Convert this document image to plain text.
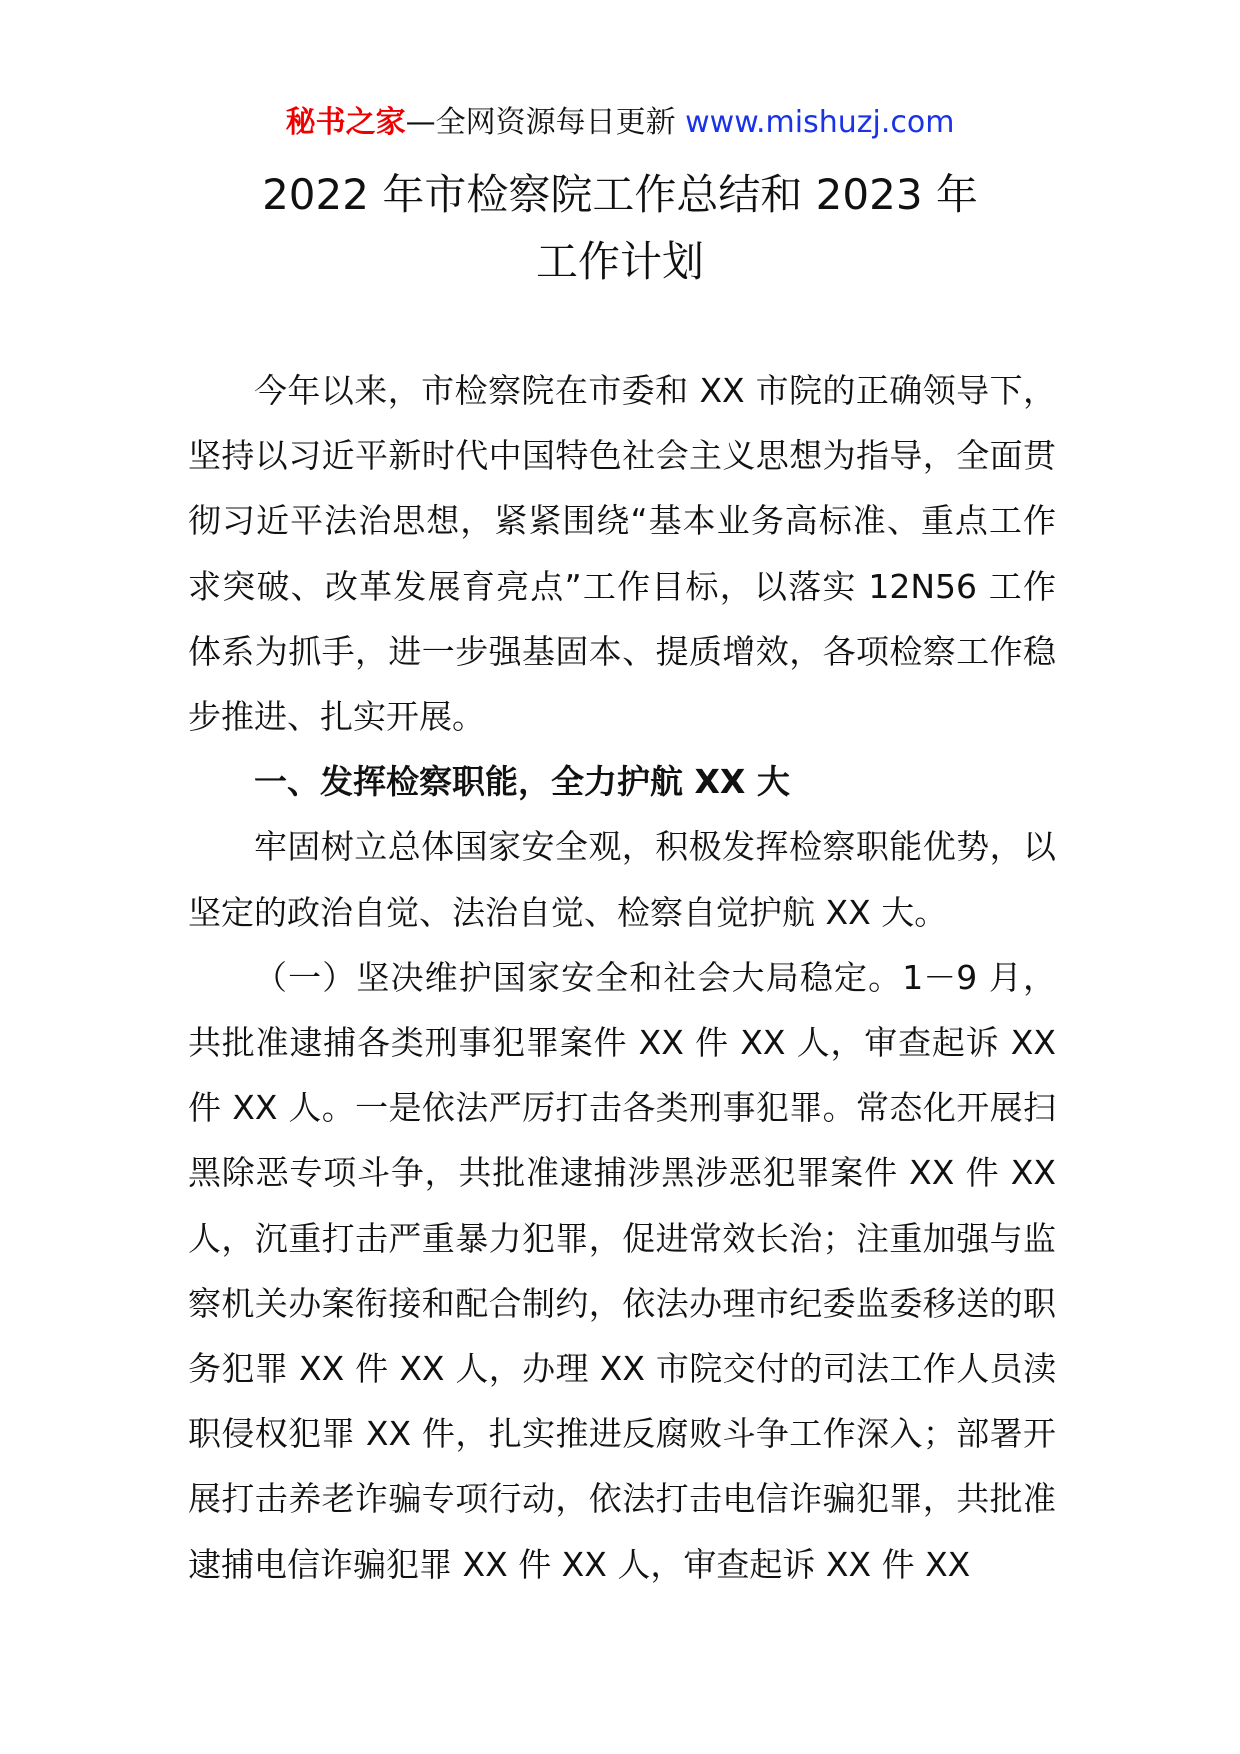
秘书之家—全网资源每日更新 www.mishuzj.com
2022 年市检察院工作总结和 2023 年
工作计划

今年以来，市检察院在市委和 XX 市院的正确领导下，坚持以习近平新时代中国特色社会主义思想为指导，全面贯彻习近平法治思想，紧紧围绕“基本业务高标准、重点工作求突破、改革发展育亮点”工作目标，以落实 12N56 工作体系为抓手，进一步强基固本、提质增效，各项检察工作稳步推进、扎实开展。

一、发挥检察职能，全力护航 XX 大

牢固树立总体国家安全观，积极发挥检察职能优势，以坚定的政治自觉、法治自觉、检察自觉护航 XX 大。

（一）坚决维护国家安全和社会大局稳定。1－9 月，共批准逮捕各类刑事犯罪案件 XX 件 XX 人，审查起诉 XX 件 XX 人。一是依法严厉打击各类刑事犯罪。常态化开展扫黑除恶专项斗争，共批准逮捕涉黑涉恶犯罪案件 XX 件 XX 人，沉重打击严重暴力犯罪，促进常效长治；注重加强与监察机关办案衔接和配合制约，依法办理市纪委监委移送的职务犯罪 XX 件 XX 人，办理 XX 市院交付的司法工作人员渎职侵权犯罪 XX 件，扎实推进反腐败斗争工作深入；部署开展打击养老诈骗专项行动，依法打击电信诈骗犯罪，共批准逮捕电信诈骗犯罪 XX 件 XX 人，审查起诉 XX 件 XX
